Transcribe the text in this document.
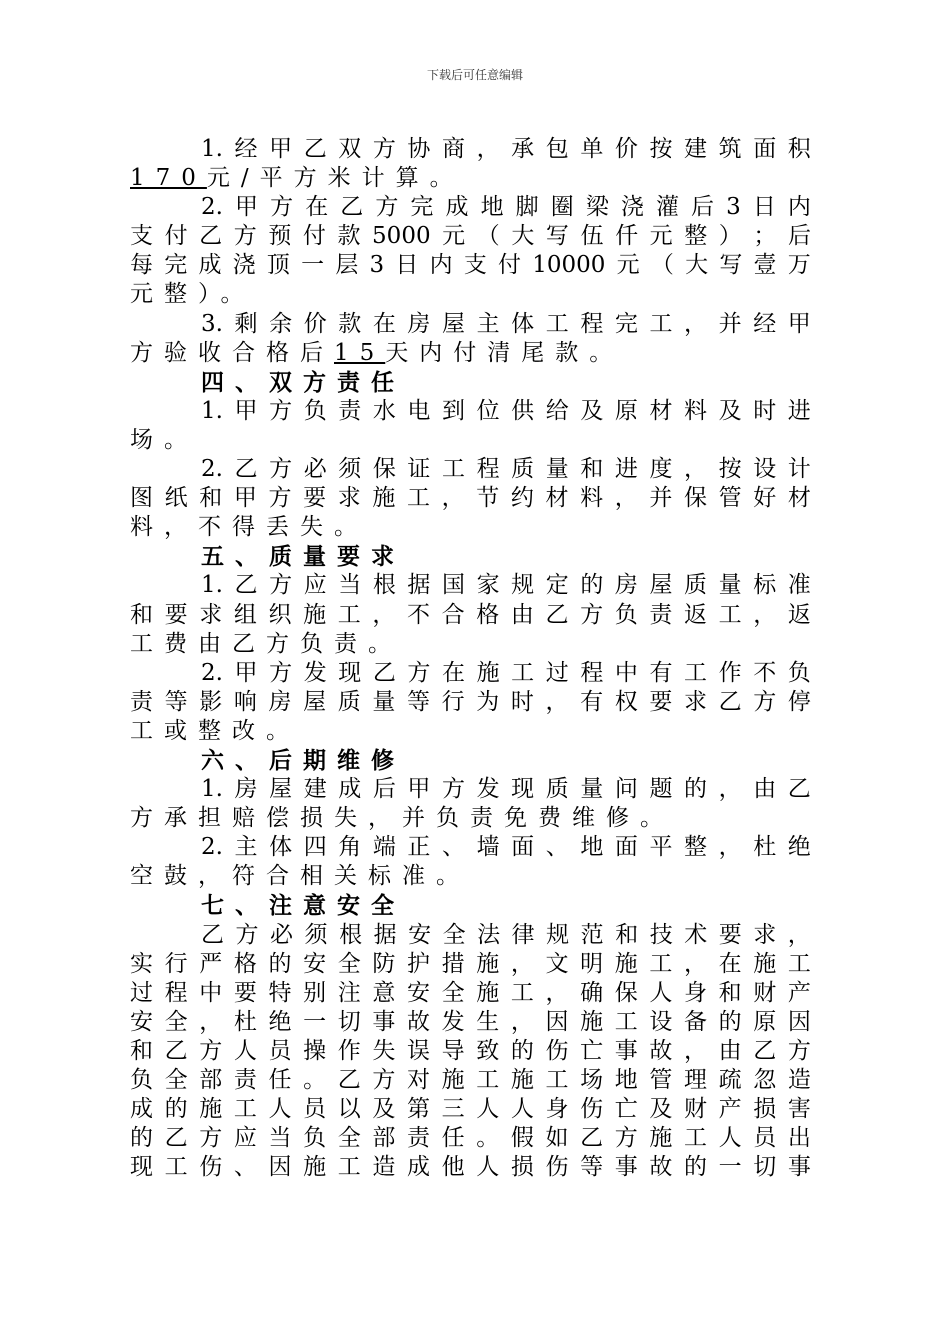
下载后可任意编辑
1. 经 甲 乙 双 方 协 商 ， 承 包 单 价 按 建 筑 面 积
170 元/平方米计算。
2. 甲 方 在 乙 方 完 成 地 脚 圈 梁 浇 灌 后 3 日 内
支 付 乙 方 预 付 款 5000 元 （ 大 写 伍 仟 元 整 ） ； 后
每 完 成 浇 顶 一 层 3 日 内 支 付 10000 元 （ 大 写 壹 万
元整）。
3. 剩 余 价 款 在 房 屋 主 体 工 程 完 工 ， 并 经 甲
方验收合格后 15 天内付清尾款。
四、双方责任
1. 甲 方 负 责 水 电 到 位 供 给 及 原 材 料 及 时 进
场。
2. 乙 方 必 须 保 证 工 程 质 量 和 进 度 ， 按 设 计
图 纸 和 甲 方 要 求 施 工 ， 节 约 材 料 ， 并 保 管 好 材
料，不得丢失。
五、质量要求
1. 乙 方 应 当 根 据 国 家 规 定 的 房 屋 质 量 标 准
和 要 求 组 织 施 工 ， 不 合 格 由 乙 方 负 责 返 工 ， 返
工费由乙方负责。
2. 甲 方 发 现 乙 方 在 施 工 过 程 中 有 工 作 不 负
责 等 影 响 房 屋 质 量 等 行 为 时 ， 有 权 要 求 乙 方 停
工或整改。
六、后期维修
1. 房 屋 建 成 后 甲 方 发 现 质 量 问 题 的 ， 由 乙
方承担赔偿损失，并负责免费维修。
2. 主 体 四 角 端 正 、 墙 面 、 地 面 平 整 ， 杜 绝
空鼓，符合相关标准。
七、注意安全
乙 方 必 须 根 据 安 全 法 律 规 范 和 技 术 要 求 ，
实 行 严 格 的 安 全 防 护 措 施 ， 文 明 施 工 ， 在 施 工
过 程 中 要 特 别 注 意 安 全 施 工 ， 确 保 人 身 和 财 产
安 全 ， 杜 绝 一 切 事 故 发 生 ， 因 施 工 设 备 的 原 因
和 乙 方 人 员 操 作 失 误 导 致 的 伤 亡 事 故 ， 由 乙 方
负 全 部 责 任 。 乙 方 对 施 工 施 工 场 地 管 理 疏 忽 造
成 的 施 工 人 员 以 及 第 三 人 人 身 伤 亡 及 财 产 损 害
的 乙 方 应 当 负 全 部 责 任 。 假 如 乙 方 施 工 人 员 出
现 工 伤 、 因 施 工 造 成 他 人 损 伤 等 事 故 的 一 切 事
